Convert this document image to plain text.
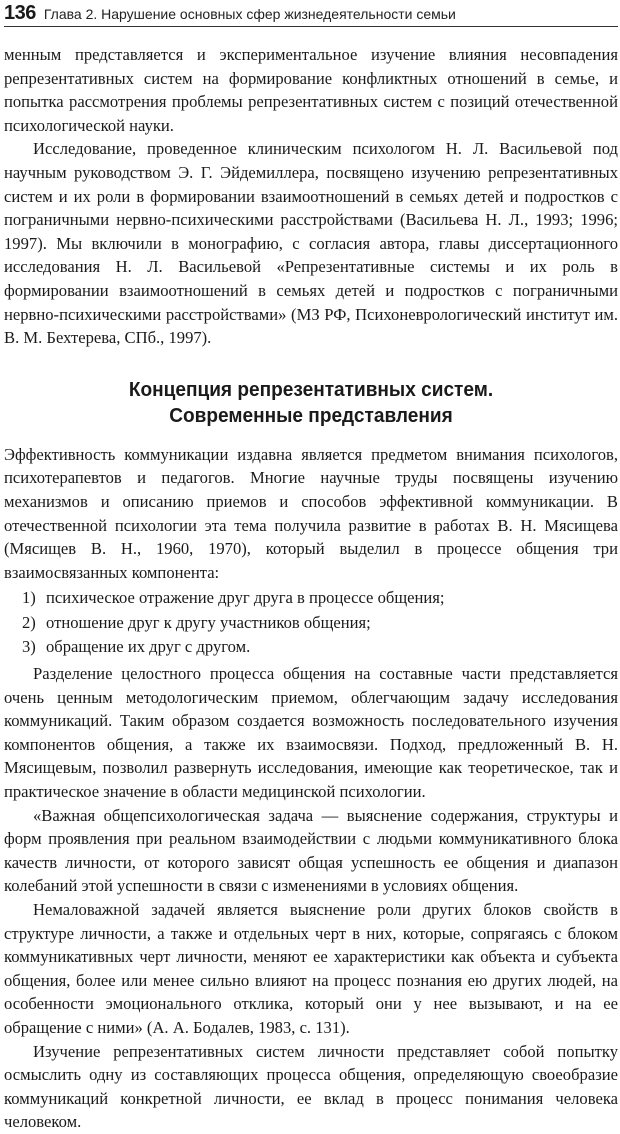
136 Глава 2. Нарушение основных сфер жизнедеятельности семьи

менным представляется и экспериментальное изучение влияния несовпадения репрезентативных систем на формирование конфликтных отношений в семье, и попытка рассмотрения проблемы репрезентативных систем с позиций отечественной психологической науки.

Исследование, проведенное клиническим психологом Н. Л. Васильевой под научным руководством Э. Г. Эйдемиллера, посвящено изучению репрезентативных систем и их роли в формировании взаимоотношений в семьях детей и подростков с пограничными нервно-психическими расстройствами (Васильева Н. Л., 1993; 1996; 1997). Мы включили в монографию, с согласия автора, главы диссертационного исследования Н. Л. Васильевой «Репрезентативные системы и их роль в формировании взаимоотношений в семьях детей и подростков с пограничными нервно-психическими расстройствами» (МЗ РФ, Психоневрологический институт им. В. М. Бехтерева, СПб., 1997).

Концепция репрезентативных систем.
Современные представления

Эффективность коммуникации издавна является предметом внимания психологов, психотерапевтов и педагогов. Многие научные труды посвящены изучению механизмов и описанию приемов и способов эффективной коммуникации. В отечественной психологии эта тема получила развитие в работах В. Н. Мясищева (Мясищев В. Н., 1960, 1970), который выделил в процессе общения три взаимосвязанных компонента:

1) психическое отражение друг друга в процессе общения;
2) отношение друг к другу участников общения;
3) обращение их друг с другом.

Разделение целостного процесса общения на составные части представляется очень ценным методологическим приемом, облегчающим задачу исследования коммуникаций. Таким образом создается возможность последовательного изучения компонентов общения, а также их взаимосвязи. Подход, предложенный В. Н. Мясищевым, позволил развернуть исследования, имеющие как теоретическое, так и практическое значение в области медицинской психологии.

«Важная общепсихологическая задача — выяснение содержания, структуры и форм проявления при реальном взаимодействии с людьми коммуникативного блока качеств личности, от которого зависят общая успешность ее общения и диапазон колебаний этой успешности в связи с изменениями в условиях общения.

Немаловажной задачей является выяснение роли других блоков свойств в структуре личности, а также и отдельных черт в них, которые, сопрягаясь с блоком коммуникативных черт личности, меняют ее характеристики как объекта и субъекта общения, более или менее сильно влияют на процесс познания ею других людей, на особенности эмоционального отклика, который они у нее вызывают, и на ее обращение с ними» (А. А. Бодалев, 1983, с. 131).

Изучение репрезентативных систем личности представляет собой попытку осмыслить одну из составляющих процесса общения, определяющую своеобразие коммуникаций конкретной личности, ее вклад в процесс понимания человека человеком.
